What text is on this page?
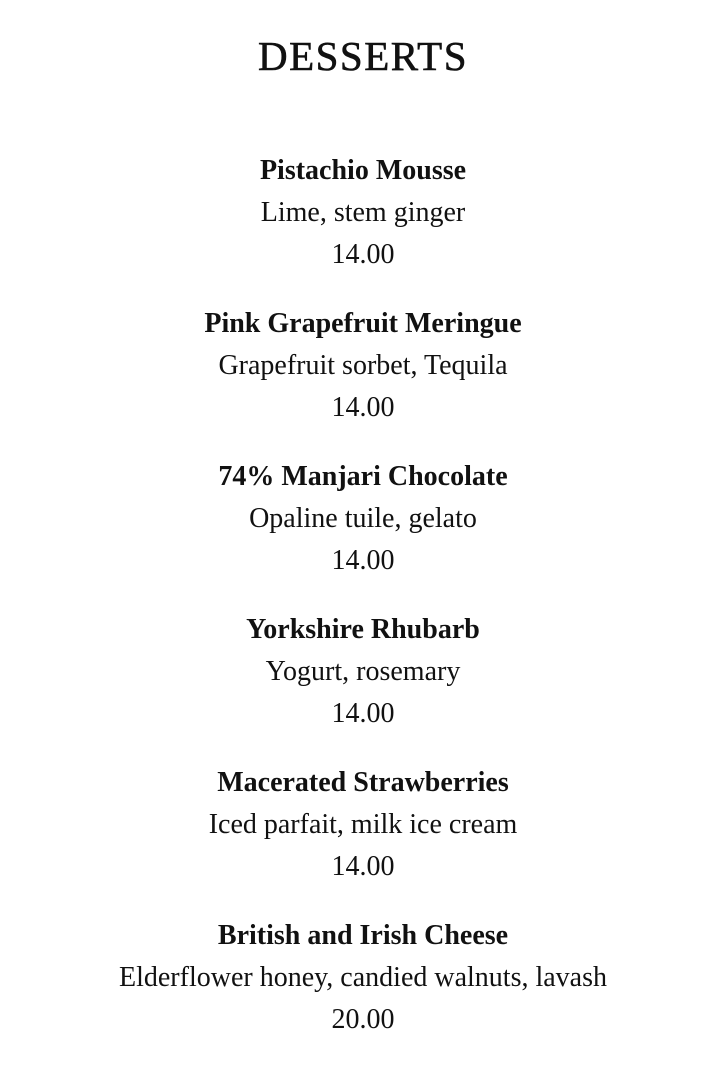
DESSERTS
Pistachio Mousse
Lime, stem ginger
14.00
Pink Grapefruit Meringue
Grapefruit sorbet, Tequila
14.00
74% Manjari Chocolate
Opaline tuile, gelato
14.00
Yorkshire Rhubarb
Yogurt, rosemary
14.00
Macerated Strawberries
Iced parfait, milk ice cream
14.00
British and Irish Cheese
Elderflower honey, candied walnuts, lavash
20.00
